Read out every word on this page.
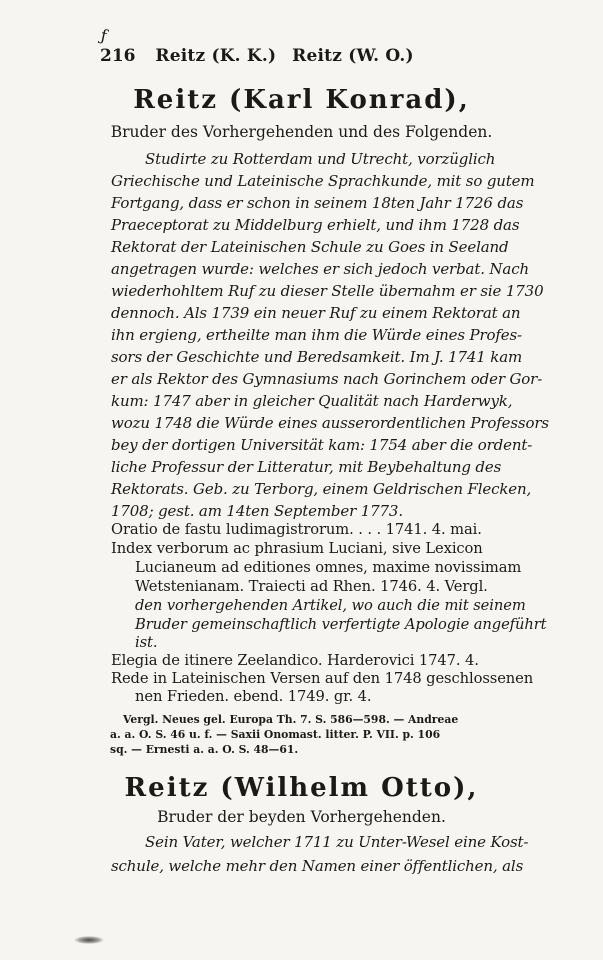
ƒ
216 Reitz (K. K.) Reitz (W. O.)
Reitz (Karl Konrad),
Bruder des Vorhergehenden und des Folgenden.
Studirte zu Rotterdam und Utrecht, vorzüglich
Griechische und Lateinische Sprachkunde, mit so gutem
Fortgang, dass er schon in seinem 18ten Jahr 1726 das
Praeceptorat zu Middelburg erhielt, und ihm 1728 das
Rektorat der Lateinischen Schule zu Goes in Seeland
angetragen wurde: welches er sich jedoch verbat. Nach
wiederhohltem Ruf zu dieser Stelle übernahm er sie 1730
dennoch. Als 1739 ein neuer Ruf zu einem Rektorat an
ihn ergieng, ertheilte man ihm die Würde eines Profes-
sors der Geschichte und Beredsamkeit. Im J. 1741 kam
er als Rektor des Gymnasiums nach Gorinchem oder Gor-
kum: 1747 aber in gleicher Qualität nach Harderwyk,
wozu 1748 die Würde eines ausserordentlichen Professors
bey der dortigen Universität kam: 1754 aber die ordent-
liche Professur der Litteratur, mit Beybehaltung des
Rektorats. Geb. zu Terborg, einem Geldrischen Flecken,
1708; gest. am 14ten September 1773.
Oratio de fastu ludimagistrorum. . . . 1741. 4. mai.
Index verborum ac phrasium Luciani, sive Lexicon
Lucianeum ad editiones omnes, maxime novissimam
Wetstenianam. Traiecti ad Rhen. 1746. 4. Vergl.
den vorhergehenden Artikel, wo auch die mit seinem
Bruder gemeinschaftlich verfertigte Apologie angeführt
ist.
Elegia de itinere Zeelandico. Harderovici 1747. 4.
Rede in Lateinischen Versen auf den 1748 geschlossenen
nen Frieden. ebend. 1749. gr. 4.
Vergl. Neues gel. Europa Th. 7. S. 586—598. — Andreae
a. a. O. S. 46 u. f. — Saxii Onomast. litter. P. VII. p. 106
sq. — Ernesti a. a. O. S. 48—61.
Reitz (Wilhelm Otto),
Bruder der beyden Vorhergehenden.
Sein Vater, welcher 1711 zu Unter-Wesel eine Kost-
schule, welche mehr den Namen einer öffentlichen, als
